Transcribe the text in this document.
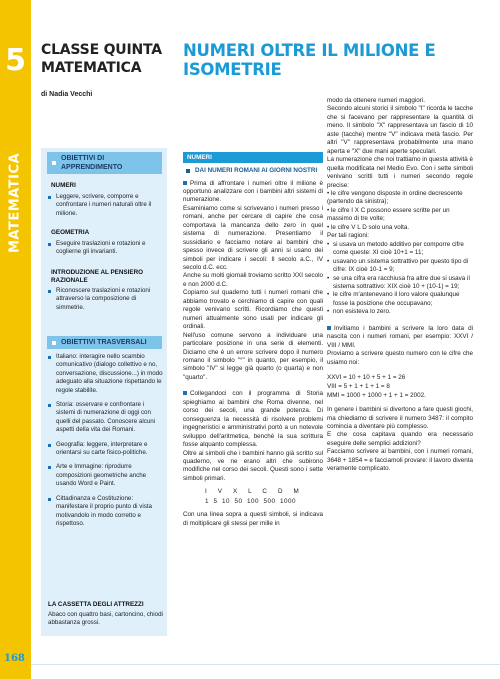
5
MATEMATICA
168
CLASSE QUINTA
MATEMATICA
di Nadia Vecchi
NUMERI OLTRE IL MILIONE E ISOMETRIE
OBIETTIVI DI APPRENDIMENTO
NUMERI
Leggere, scrivere, comporre e confrontare i numeri naturali oltre il milione.
GEOMETRIA
Eseguire traslazioni e rotazioni e coglierne gli invarianti.
INTRODUZIONE AL PENSIERO RAZIONALE
Riconoscere traslazioni e rotazioni attraverso la composizione di simmetrie.
OBIETTIVI TRASVERSALI
Italiano: interagire nello scambio comunicativo (dialogo collettivo e no, conversazione, discussione...) in modo adeguato alla situazione rispettando le regole stabilite.
Storia: osservare e confrontare i sistemi di numerazione di oggi con quelli del passato. Conoscere alcuni aspetti della vita dei Romani.
Geografia: leggere, interpretare e orientarsi su carte fisico-politiche.
Arte e Immagine: riprodurre composizioni geometriche anche usando Word e Paint.
Cittadinanza e Costituzione: manifestare il proprio punto di vista motivandolo in modo corretto e rispettoso.
LA CASSETTA DEGLI ATTREZZI
Abaco con quattro basi, cartoncino, chiodi abbastanza grossi.
NUMERI
DAI NUMERI ROMANI AI GIORNI NOSTRI

Prima di affrontare i numeri oltre il milione è opportuno analizzare con i bambini altri sistemi di numerazione.

Esaminiamo come si scrivevano i numeri presso i romani, anche per cercare di capire che cosa comportava la mancanza dello zero in quel sistema di numerazione. Presentiamo il sussidiario e facciamo notare ai bambini che spesso invece di scrivere gli anni si usano dei simboli per indicare i secoli: Il secolo a.C., IV secolo d.C. ecc.

Anche su molti giornali troviamo scritto XXI secolo e non 2000 d.C.

Copiamo sul quaderno tutti i numeri romani che abbiamo trovato e cerchiamo di capire con quali regole venivano scritti. Ricordiamo che questi numeri attualmente sono usati per indicare gli ordinali.

Nell'uso comune servono a individuare una particolare posizione in una serie di elementi. Diciamo che è un errore scrivere dopo il numero romano il simbolo "°" in quanto, per esempio, il simbolo "IV" si legge già quarto (o quarta) e non "quarto".

Collegandoci con il programma di Storia spieghiamo ai bambini che Roma divenne, nel corso dei secoli, una grande potenza. Di conseguenza la necessità di risolvere problemi ingegneristici e amministrativi portò a un notevole sviluppo dell'aritmetica, benché la sua scrittura fosse alquanto complessa.

Oltre ai simboli che i bambini hanno già scritto sul quaderno, ve ne erano altri che subirono modifiche nel corso dei secoli. Questi sono i sette simboli primari.

I  V  X  L  C  D  M
1  5  10  50  100  500  1000

Con una linea sopra a questi simboli, si indicava di moltiplicare gli stessi per mille in

modo da ottenere numeri maggiori.

Secondo alcuni storici il simbolo "I" ricorda le tacche che si facevano per rappresentare la quantità di meno. Il simbolo "X" rappresentava un fascio di 10 aste (tacche) mentre "V" indicava metà fascio. Per altri "V" rappresentava probabilmente una mano aperta e "X" due mani aperte speculari.

La numerazione che noi trattiamo in questa attività è quella modificata nel Medio Evo. Con i sette simboli venivano scritti tutti i numeri secondo regole precise:

• le cifre vengono disposte in ordine decrescente (partendo da sinistra);
• le cifre I X C possono essere scritte per un massimo di tre volte;
• le cifre V L D solo una volta.

Per tali ragioni:

• si usava un metodo additivo per comporre cifre come queste: XI cioè 10+1 = 11;
• usavano un sistema sottrattivo per questo tipo di cifre: IX cioè 10-1 = 9;
• se una cifra era racchiusa fra altre due si usava il sistema sottrattivo: XIX cioè 10 + (10-1) = 19;
• le cifre m'antenevano il loro valore qualunque fosse la posizione che occupavano;
• non esisteva lo zero.

Invitiamo i bambini a scrivere la loro data di nascita con i numeri romani, per esempio: XXVI / VIII / MMI.

Proviamo a scrivere questo numero con le cifre che usiamo noi:

XXVI = 10 + 10 + 5 + 1 = 26
VIII = 5 + 1 + 1 + 1 = 8
MMI = 1000 + 1000 + 1 + 1 = 2002.

In genere i bambini si divertono a fare questi giochi, ma chiediamo di scrivere il numero 3487: il compito comincia a diventare più complesso.

E che cosa capitava quando era necessario eseguire delle semplici addizioni?

Facciamo scrivere ai bambini, con i numeri romani, 3648 + 1854 = e facciamoli provare: il lavoro diventa veramente complicato.
